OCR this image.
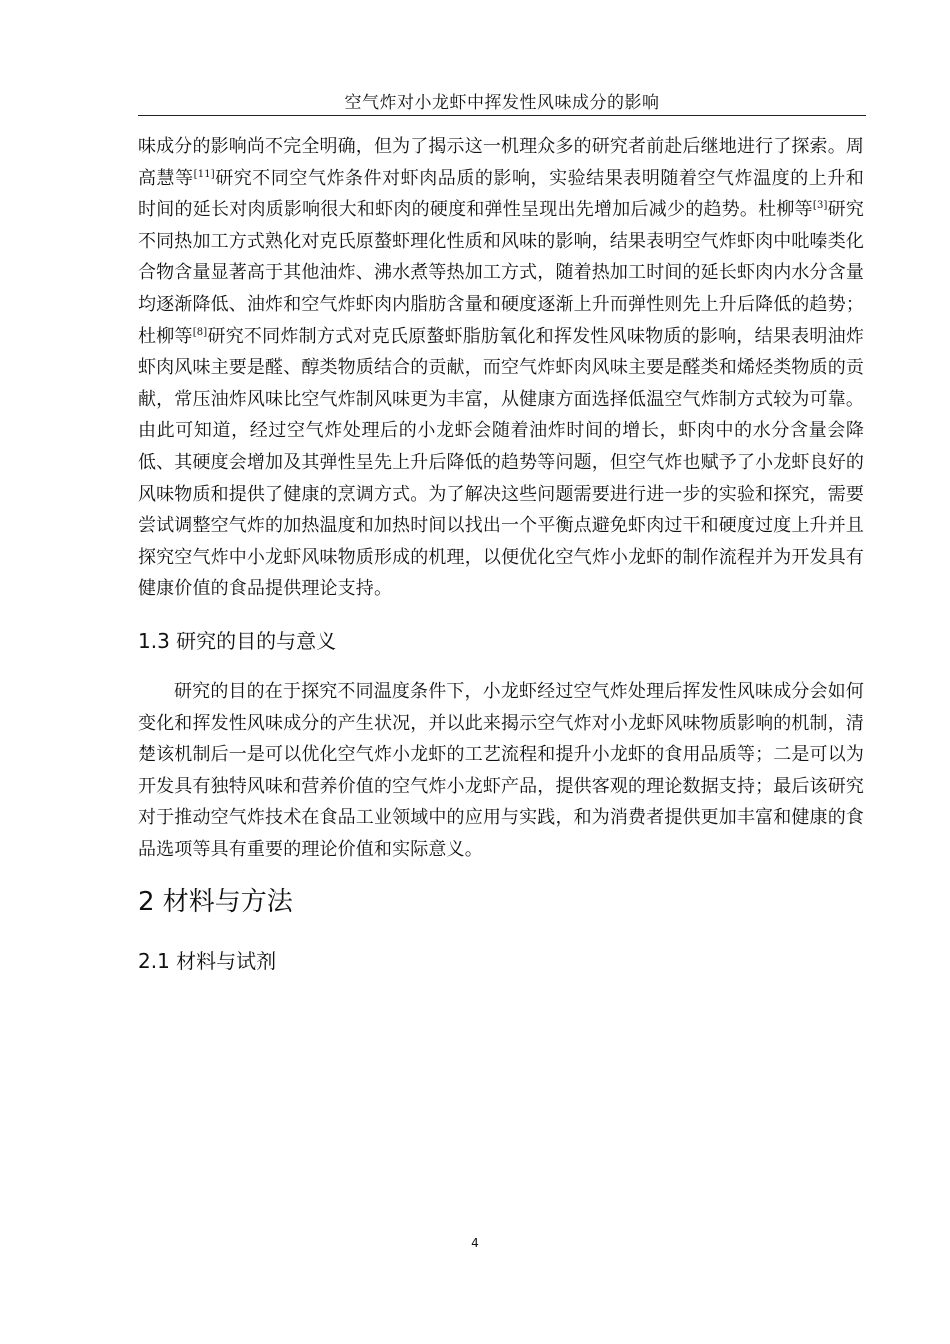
空气炸对小龙虾中挥发性风味成分的影响

味成分的影响尚不完全明确，但为了揭示这一机理众多的研究者前赴后继地进行了探索。周高慧等[11]研究不同空气炸条件对虾肉品质的影响，实验结果表明随着空气炸温度的上升和时间的延长对肉质影响很大和虾肉的硬度和弹性呈现出先增加后减少的趋势。杜柳等[3]研究不同热加工方式熟化对克氏原螯虾理化性质和风味的影响，结果表明空气炸虾肉中吡嗪类化合物含量显著高于其他油炸、沸水煮等热加工方式，随着热加工时间的延长虾肉内水分含量均逐渐降低、油炸和空气炸虾肉内脂肪含量和硬度逐渐上升而弹性则先上升后降低的趋势；杜柳等[8]研究不同炸制方式对克氏原螯虾脂肪氧化和挥发性风味物质的影响，结果表明油炸虾肉风味主要是醛、醇类物质结合的贡献，而空气炸虾肉风味主要是醛类和烯烃类物质的贡献，常压油炸风味比空气炸制风味更为丰富，从健康方面选择低温空气炸制方式较为可靠。由此可知道，经过空气炸处理后的小龙虾会随着油炸时间的增长，虾肉中的水分含量会降低、其硬度会增加及其弹性呈先上升后降低的趋势等问题，但空气炸也赋予了小龙虾良好的风味物质和提供了健康的烹调方式。为了解决这些问题需要进行进一步的实验和探究，需要尝试调整空气炸的加热温度和加热时间以找出一个平衡点避免虾肉过干和硬度过度上升并且探究空气炸中小龙虾风味物质形成的机理，以便优化空气炸小龙虾的制作流程并为开发具有健康价值的食品提供理论支持。

1.3 研究的目的与意义

研究的目的在于探究不同温度条件下，小龙虾经过空气炸处理后挥发性风味成分会如何变化和挥发性风味成分的产生状况，并以此来揭示空气炸对小龙虾风味物质影响的机制，清楚该机制后一是可以优化空气炸小龙虾的工艺流程和提升小龙虾的食用品质等；二是可以为开发具有独特风味和营养价值的空气炸小龙虾产品，提供客观的理论数据支持；最后该研究对于推动空气炸技术在食品工业领域中的应用与实践，和为消费者提供更加丰富和健康的食品选项等具有重要的理论价值和实际意义。

2 材料与方法
2.1 材料与试剂
4
